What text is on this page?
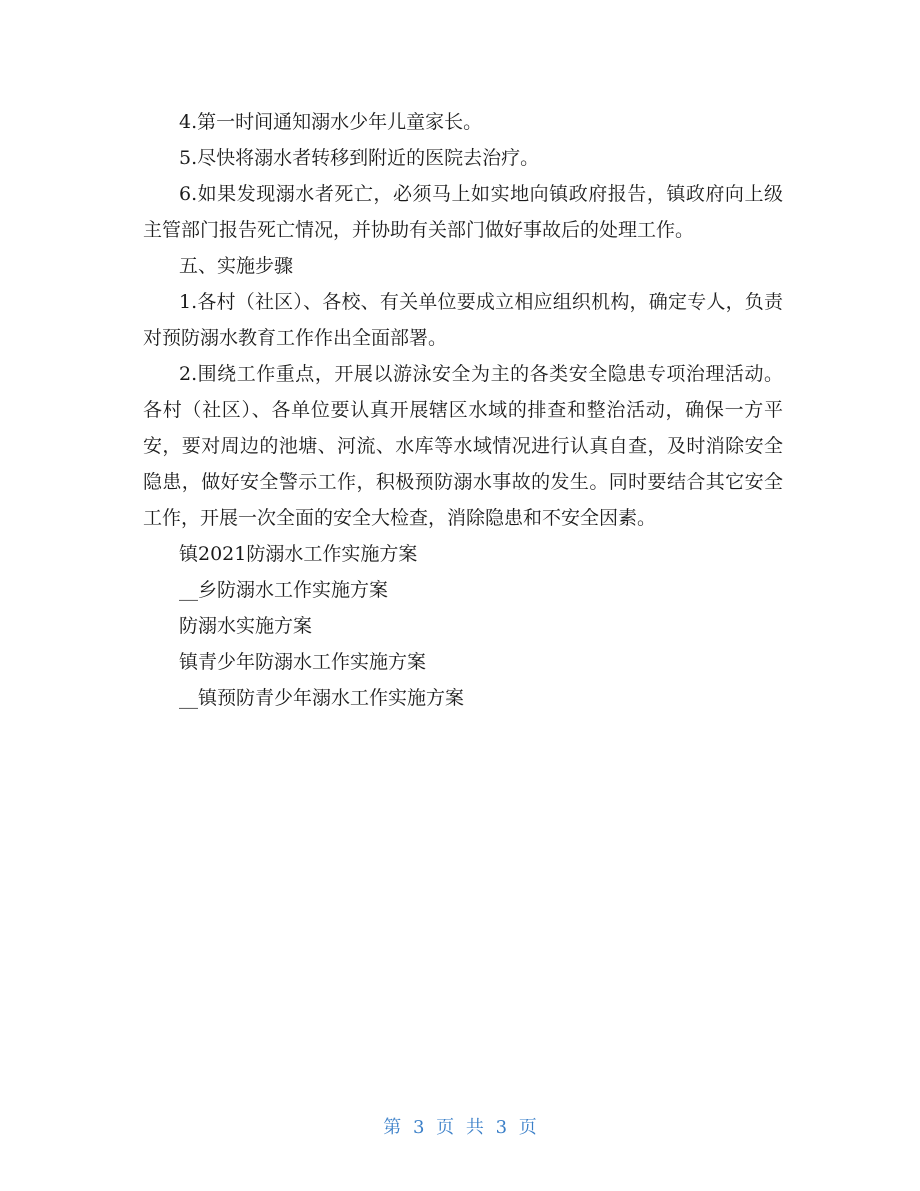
4.第一时间通知溺水少年儿童家长。

5.尽快将溺水者转移到附近的医院去治疗。

6.如果发现溺水者死亡，必须马上如实地向镇政府报告，镇政府向上级主管部门报告死亡情况，并协助有关部门做好事故后的处理工作。

五、实施步骤

1.各村（社区）、各校、有关单位要成立相应组织机构，确定专人，负责对预防溺水教育工作作出全面部署。

2.围绕工作重点，开展以游泳安全为主的各类安全隐患专项治理活动。各村（社区）、各单位要认真开展辖区水域的排查和整治活动，确保一方平安，要对周边的池塘、河流、水库等水域情况进行认真自查，及时消除安全隐患，做好安全警示工作，积极预防溺水事故的发生。同时要结合其它安全工作，开展一次全面的安全大检查，消除隐患和不安全因素。

镇2021防溺水工作实施方案

__乡防溺水工作实施方案

防溺水实施方案

镇青少年防溺水工作实施方案

__镇预防青少年溺水工作实施方案

第 3 页 共 3 页
